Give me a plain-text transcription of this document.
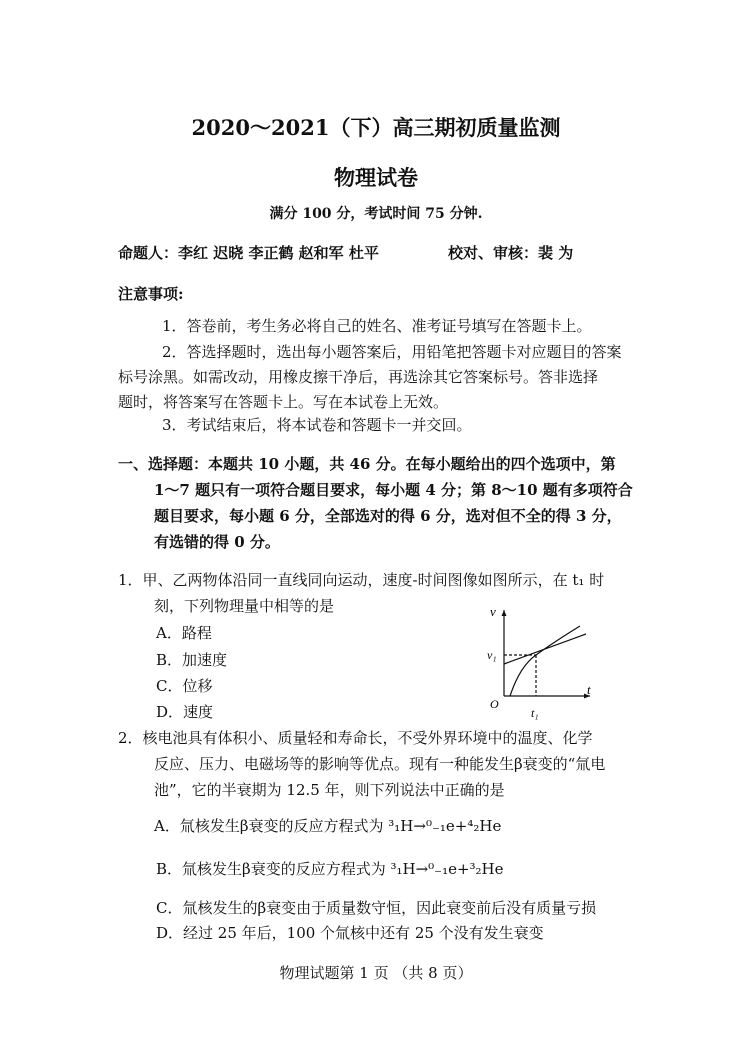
2020～2021（下）高三期初质量监测
物理试卷
满分 100 分，考试时间 75 分钟.
命题人：李红 迟晓 李正鹤 赵和军 杜平	校对、审核：裴 为
注意事项:
1．答卷前，考生务必将自己的姓名、准考证号填写在答题卡上。
2．答选择题时，选出每小题答案后，用铅笔把答题卡对应题目的答案
标号涂黑。如需改动，用橡皮擦干净后，再选涂其它答案标号。答非选择
题时，将答案写在答题卡上。写在本试卷上无效。
3．考试结束后，将本试卷和答题卡一并交回。
一、选择题：本题共 10 小题，共 46 分。在每小题给出的四个选项中，第
1～7 题只有一项符合题目要求，每小题 4 分；第 8～10 题有多项符合
题目要求，每小题 6 分，全部选对的得 6 分，选对但不全的得 3 分，
有选错的得 0 分。
1．甲、乙两物体沿同一直线同向运动，速度-时间图像如图所示，在 t₁ 时
刻，下列物理量中相等的是
A．路程
B．加速度
C．位移
D．速度
v
v₁
O
t
t₁
2．核电池具有体积小、质量轻和寿命长，不受外界环境中的温度、化学
反应、压力、电磁场等的影响等优点。现有一种能发生β衰变的“氚电
池”，它的半衰期为 12.5 年，则下列说法中正确的是
A．氚核发生β衰变的反应方程式为 ³₁H→⁰₋₁e+⁴₂He
B．氚核发生β衰变的反应方程式为 ³₁H→⁰₋₁e+³₂He
C．氚核发生的β衰变由于质量数守恒，因此衰变前后没有质量亏损
D．经过 25 年后，100 个氚核中还有 25 个没有发生衰变
物理试题第 1 页 （共 8 页）
